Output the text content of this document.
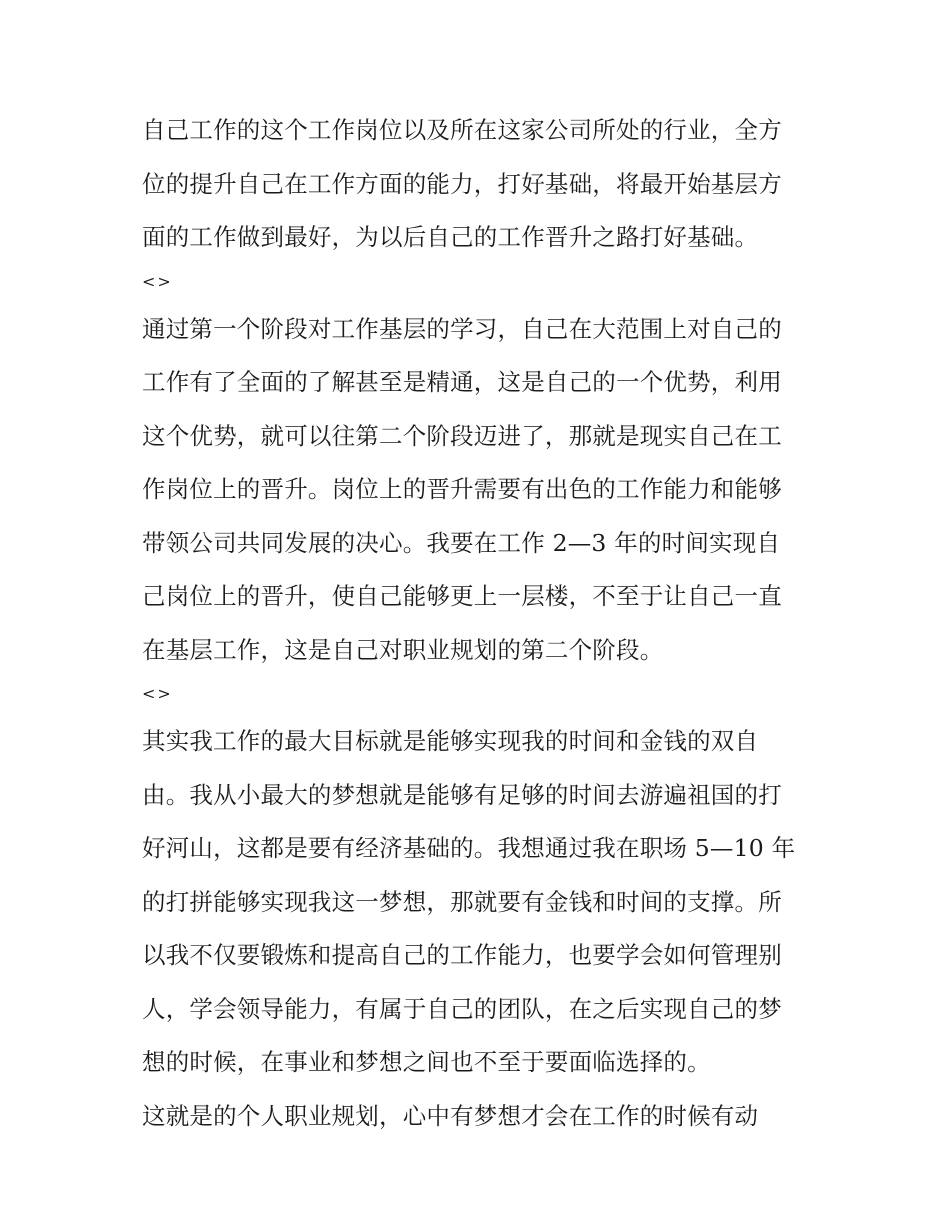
自己工作的这个工作岗位以及所在这家公司所处的行业，全方
位的提升自己在工作方面的能力，打好基础，将最开始基层方
面的工作做到最好，为以后自己的工作晋升之路打好基础。
<>
通过第一个阶段对工作基层的学习，自己在大范围上对自己的
工作有了全面的了解甚至是精通，这是自己的一个优势，利用
这个优势，就可以往第二个阶段迈进了，那就是现实自己在工
作岗位上的晋升。岗位上的晋升需要有出色的工作能力和能够
带领公司共同发展的决心。我要在工作 2—3 年的时间实现自
己岗位上的晋升，使自己能够更上一层楼，不至于让自己一直
在基层工作，这是自己对职业规划的第二个阶段。
<>
其实我工作的最大目标就是能够实现我的时间和金钱的双自
由。我从小最大的梦想就是能够有足够的时间去游遍祖国的打
好河山，这都是要有经济基础的。我想通过我在职场 5—10 年
的打拼能够实现我这一梦想，那就要有金钱和时间的支撑。所
以我不仅要锻炼和提高自己的工作能力，也要学会如何管理别
人，学会领导能力，有属于自己的团队，在之后实现自己的梦
想的时候，在事业和梦想之间也不至于要面临选择的。
这就是的个人职业规划，心中有梦想才会在工作的时候有动
